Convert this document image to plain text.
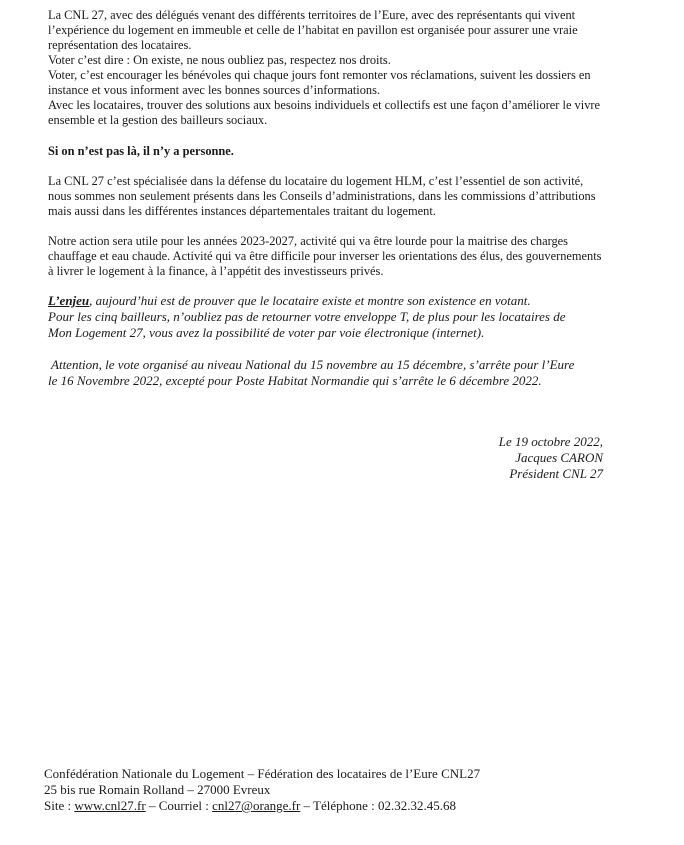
La CNL 27, avec des délégués venant des différents territoires de l’Eure, avec des représentants qui vivent
l’expérience du logement en immeuble et celle de l’habitat en pavillon est organisée pour assurer une vraie
représentation des locataires.
Voter c’est dire : On existe, ne nous oubliez pas, respectez nos droits.
Voter, c’est encourager les bénévoles qui chaque jours font remonter vos réclamations, suivent les dossiers en
instance et vous informent avec les bonnes sources d’informations.
Avec les locataires, trouver des solutions aux besoins individuels et collectifs est une façon d’améliorer le vivre
ensemble et la gestion des bailleurs sociaux.

Si on n’est pas là, il n’y a personne.

La CNL 27 c’est spécialisée dans la défense du locataire du logement HLM, c’est l’essentiel de son activité,
nous sommes non seulement présents dans les Conseils d’administrations, dans les commissions d’attributions
mais aussi dans les différentes instances départementales traitant du logement.

Notre action sera utile pour les années 2023-2027, activité qui va être lourde pour la maitrise des charges
chauffage et eau chaude. Activité qui va être difficile pour inverser les orientations des élus, des gouvernements
à livrer le logement à la finance, à l’appétit des investisseurs privés.

L’enjeu, aujourd’hui est de prouver que le locataire existe et montre son existence en votant.
Pour les cinq bailleurs, n’oubliez pas de retourner votre enveloppe T, de plus pour les locataires de
Mon Logement 27, vous avez la possibilité de voter par voie électronique (internet).

Attention, le vote organisé au niveau National du 15 novembre au 15 décembre, s’arrête pour l’Eure
le 16 Novembre 2022, excepté pour Poste Habitat Normandie qui s’arrête le 6 décembre 2022.

Le 19 octobre 2022,
Jacques CARON
Président CNL 27
Confédération Nationale du Logement – Fédération des locataires de l’Eure CNL27
25 bis rue Romain Rolland – 27000 Evreux
Site : www.cnl27.fr – Courriel : cnl27@orange.fr – Téléphone : 02.32.32.45.68
